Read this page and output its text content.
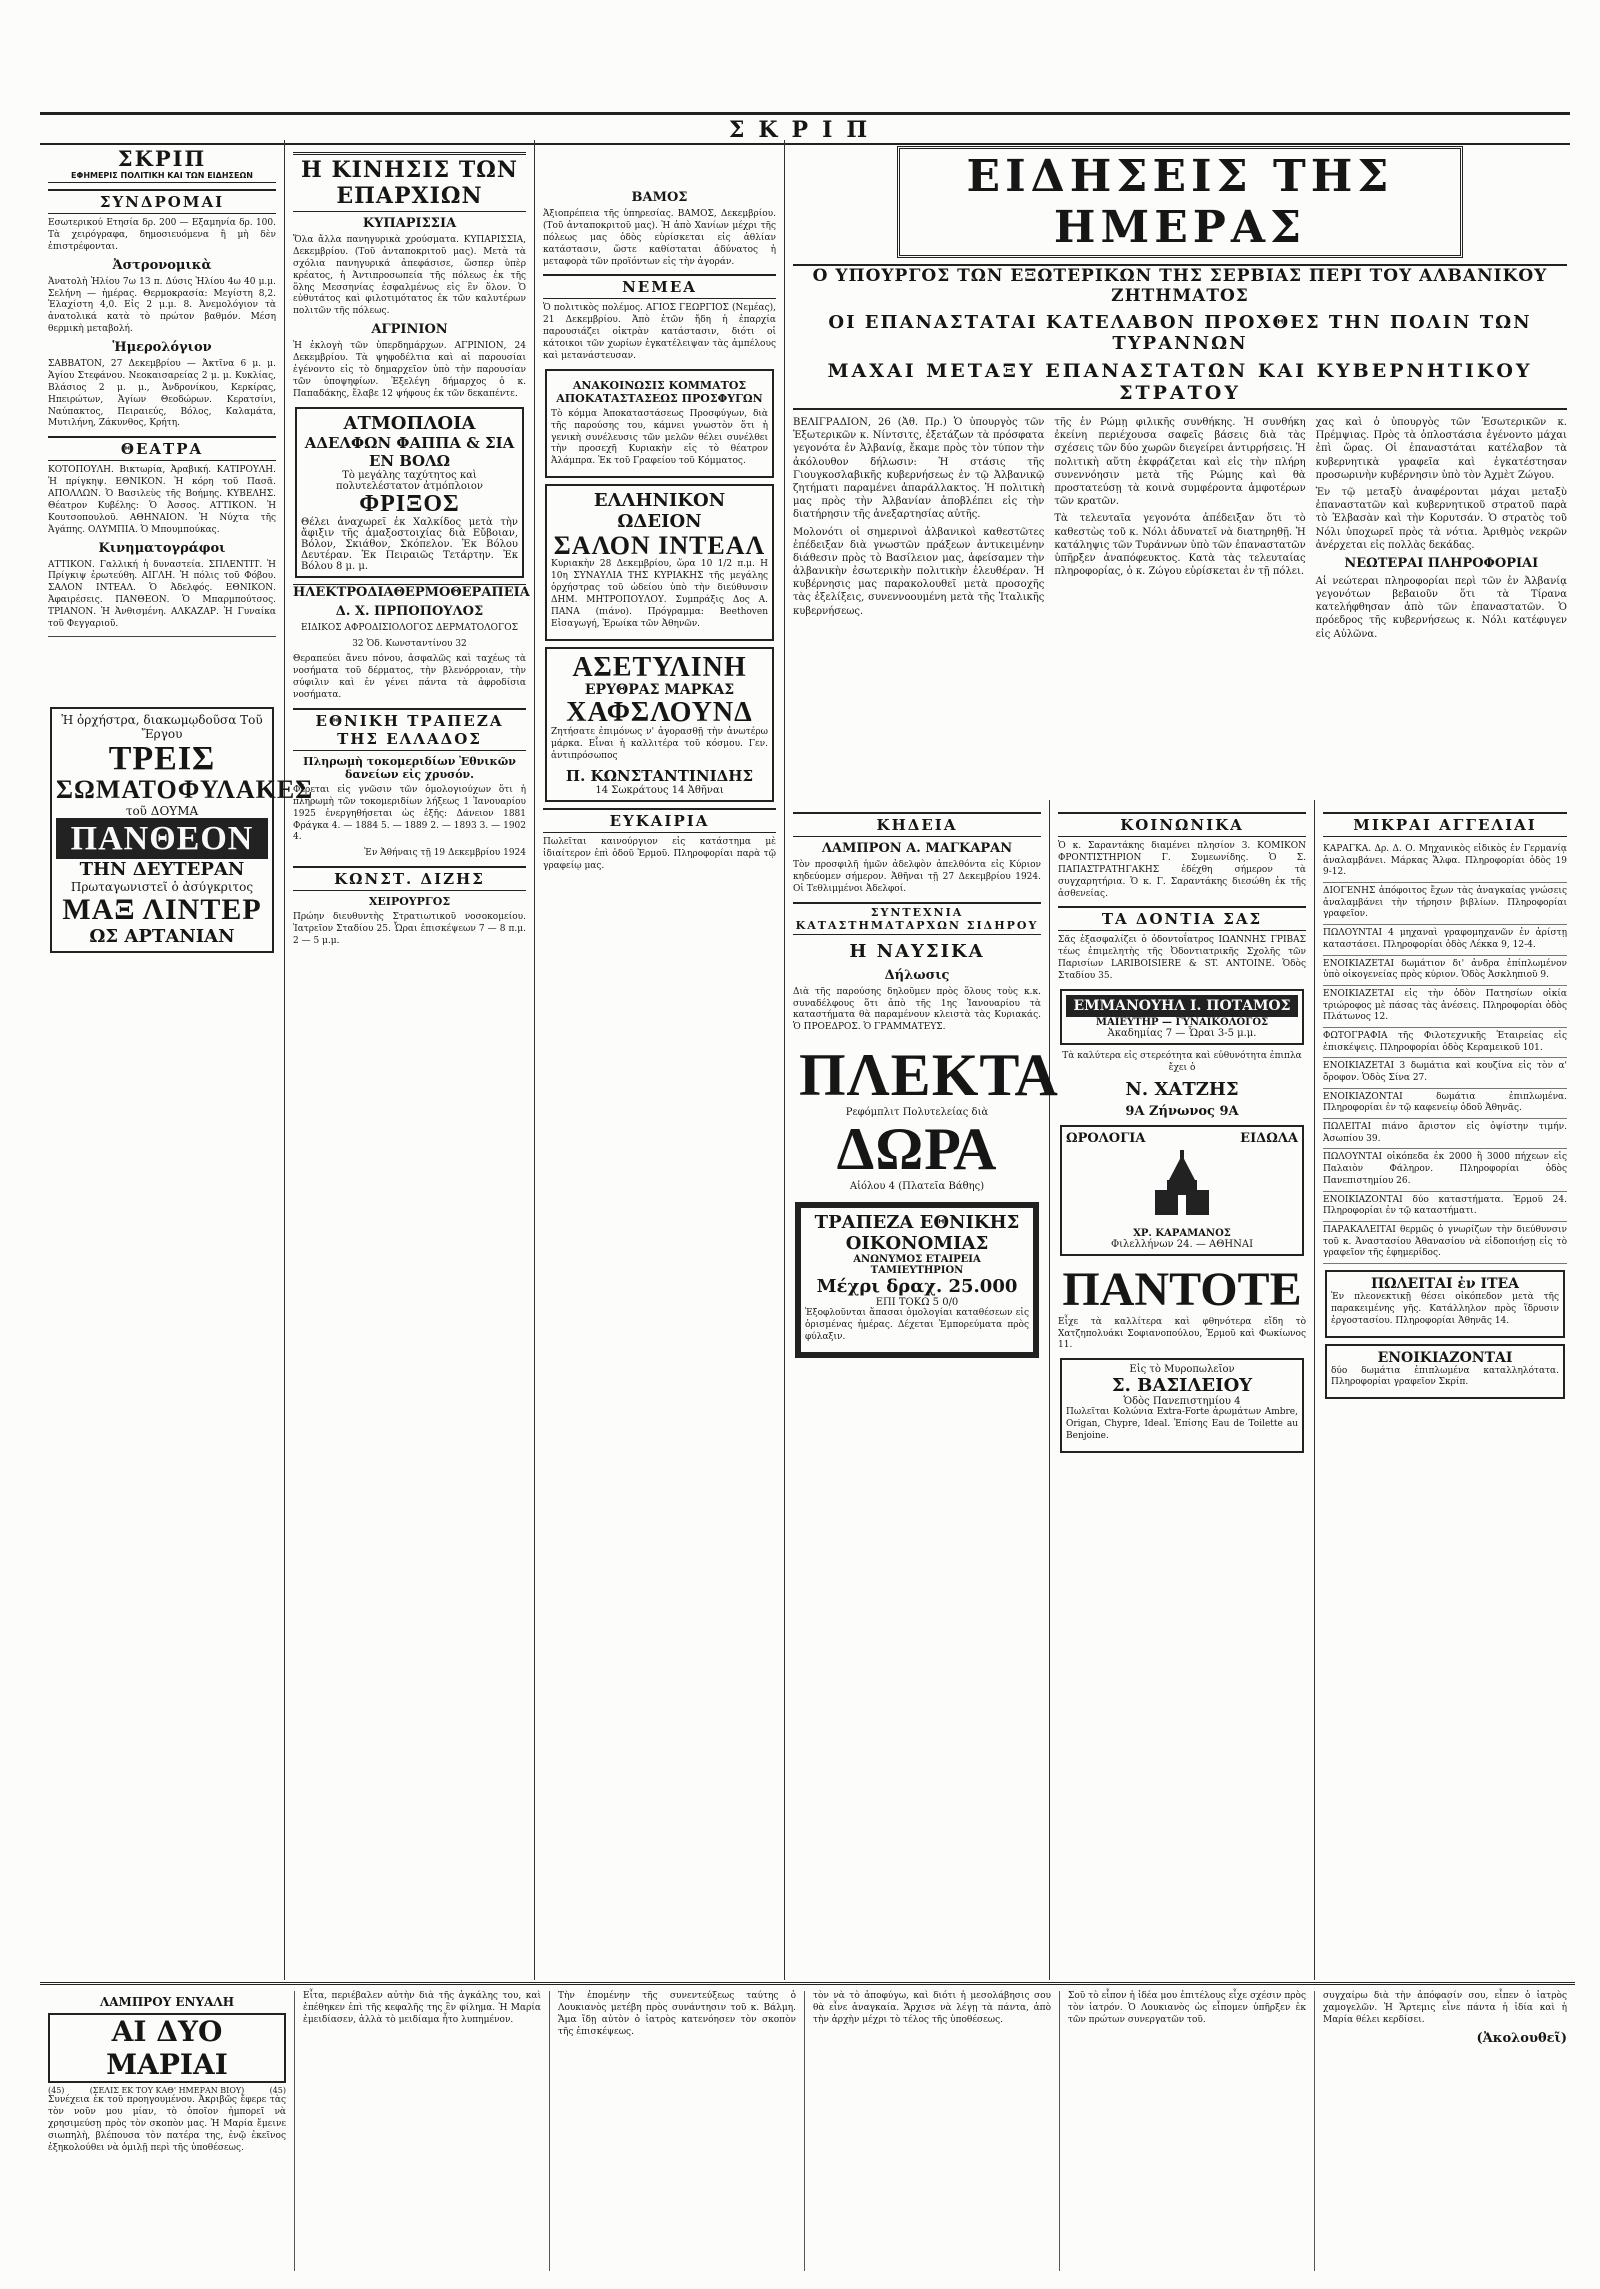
ΣΚΡΙΠ
ΣΚΡΙΠ
ΕΦΗΜΕΡΙΣ ΠΟΛΙΤΙΚΗ ΚΑΙ ΤΩΝ ΕΙΔΗΣΕΩΝ
ΣΥΝΔΡΟΜΑΙ

Εσωτερικού Ετησία δρ. 200 — Εξαμηνία δρ. 100. Τὰ χειρόγραφα, δημοσιευόμενα ἢ μὴ δὲν ἐπιστρέφονται.

Ἀστρονομικὰ

Ἀνατολὴ Ἡλίου 7ω 13 π. Δύσις Ἡλίου 4ω 40 μ.μ. Σελήνη — ἡμέρας. Θερμοκρασία: Μεγίστη 8,2. Ἐλαχίστη 4,0. Εἰς 2 μ.μ. 8. Ἀνεμολόγιον τὰ ἀνατολικά κατὰ τὸ πρώτον βαθμόν. Μέση θερμικὴ μεταβολή.

Ἡμερολόγιον

ΣΑΒΒΑΤΟΝ, 27 Δεκεμβρίου — Ἀκτῖνα 6 μ. μ. Ἁγίου Στεφάνου. Νεοκαισαρείας 2 μ. μ. Κυκλίας, Βλάσιος 2 μ. μ., Ἀνδρονίκου, Κερκίρας, Ηπειρώτων, Ἁγίων Θεοδώρων. Κερατσίνι, Ναύπακτος, Πειραιεύς, Βόλος, Καλαμάτα, Μυτιλήνη, Ζάκυνθος, Κρήτη.

ΘΕΑΤΡΑ

ΚΟΤΟΠΟΥΛΗ. Βικτωρία, Ἀραβική. ΚΑΤΙΡΟΥΛΗ. Ἡ πρίγκηψ. ΕΘΝΙΚΟΝ. Ἡ κόρη τοῦ Πασᾶ. ΑΠΟΛΛΩΝ. Ὁ Βασιλεὺς τῆς Βοήμης. ΚΥΒΕΛΗΣ. Θέατρον Κυβέλης: Ὁ Ἀσσος. ΑΤΤΙΚΟΝ. Ἡ Κουτσοπουλοῦ. ΑΘΗΝΑΙΟΝ. Ἡ Νύχτα τῆς Ἀγάπης. ΟΛΥΜΠΙΑ. Ὁ Μπουμπούκας.

Κινηματογράφοι

ΑΤΤΙΚΟΝ. Γαλλική ἡ δυναστεία. ΣΠΛΕΝΤΙΤ. Ἡ Πρίγκιψ ἐρωτεύθη. ΑΙΓΛΗ. Ἡ πόλις τοῦ Φόβου. ΣΑΛΟΝ ΙΝΤΕΑΛ. Ὁ Ἀδελφός. ΕΘΝΙΚΟΝ. Ἀφαιρέσεις. ΠΑΝΘΕΟΝ. Ὁ Μπαρμπούτσος. ΤΡΙΑΝΟΝ. Ἡ Ἀνθισμένη. ΑΛΚΑΖΑΡ. Ἡ Γυναίκα τοῦ Φεγγαριοῦ.

Ἡ ὀρχήστρα, διακωμῳδοῦσα Τοῦ Ἔργου
ΤΡΕΙΣ
ΣΩΜΑΤΟΦΥΛΑΚΕΣ
τοῦ ΔΟΥΜΑ
ΠΑΝΘΕΟΝ
ΤΗΝ ΔΕΥΤΕΡΑΝ
Πρωταγωνιστεῖ ὁ ἀσύγκριτος
ΜΑΞ ΛΙΝΤΕΡ
ΩΣ ΑΡΤΑΝΙΑΝ
Η ΚΙΝΗΣΙΣ ΤΩΝ ΕΠΑΡΧΙΩΝ
ΚΥΠΑΡΙΣΣΙΑ

Ὅλα ἄλλα πανηγυρικὰ χρούσματα. ΚΥΠΑΡΙΣΣΙΑ, Δεκεμβρίου. (Τοῦ ἀνταποκριτοῦ μας). Μετὰ τὰ σχόλια πανηγυρικά ἀπεφάσισε, ὥσπερ ὑπὲρ κρέατος, ἡ Ἀντιπροσωπεία τῆς πόλεως ἐκ τῆς ὅλης Μεσσηνίας ἐσφαλμένως εἰς ἓν ὅλον. Ὁ εὐθυτάτος καὶ φιλοτιμότατος ἐκ τῶν καλυτέρων πολιτῶν τῆς πόλεως.

ΑΓΡΙΝΙΟΝ

Ἡ ἐκλογὴ τῶν ὑπερδημάρχων. ΑΓΡΙΝΙΟΝ, 24 Δεκεμβρίου. Τὰ ψηφοδέλτια καὶ αἱ παρουσίαι ἐγένοντο εἰς τὸ δημαρχεῖον ὑπὸ τὴν παρουσίαν τῶν ὑποψηφίων. Ἐξελέγη δήμαρχος ὁ κ. Παπαδάκης, ἔλαβε 12 ψήφους ἐκ τῶν δεκαπέντε.

ΑΤΜΟΠΛΟΙΑ
ΑΔΕΛΦΩΝ ΦΑΠΠΑ & ΣΙΑ
ΕΝ ΒΟΛΩ
Τὸ μεγάλης ταχύτητος καὶ πολυτελέστατον ἀτμόπλοιον
ΦΡΙΞΟΣ
Θέλει ἀναχωρεῖ ἐκ Χαλκίδος μετὰ τὴν ἄφιξιν τῆς ἀμαξοστοιχίας διὰ Εὔβοιαν, Βόλον, Σκιάθον, Σκόπελον. Ἐκ Βόλου Δευτέραν. Ἐκ Πειραιῶς Τετάρτην. Ἐκ Βόλου 8 μ. μ.
ΗΛΕΚΤΡΟΔΙΑΘΕΡΜΟΘΕΡΑΠΕΙΑ
Δ. Χ. ΠΡΠΟΠΟΥΛΟΣ
ΕΙΔΙΚΟΣ ΑΦΡΟΔΙΣΙΟΛΟΓΟΣ ΔΕΡΜΑΤΟΛΟΓΟΣ
32 Ὁδ. Κωνσταντίνου 32

Θεραπεύει ἄνευ πόνου, ἀσφαλῶς καὶ ταχέως τὰ νοσήματα τοῦ δέρματος, τὴν βλενόρροιαν, τὴν σύφιλιν καὶ ἐν γένει πάντα τὰ ἀφροδίσια νοσήματα.

ΕΘΝΙΚΗ ΤΡΑΠΕΖΑ ΤΗΣ ΕΛΛΑΔΟΣ
Πληρωμὴ τοκομεριδίων Ἐθνικῶν δανείων εἰς χρυσόν.

Φέρεται εἰς γνῶσιν τῶν ὁμολογιούχων ὅτι ἡ πληρωμὴ τῶν τοκομεριδίων λήξεως 1 Ἰανουαρίου 1925 ἐνεργηθήσεται ὡς ἑξῆς: Δάνειον 1881 Φράγκα 4. — 1884 5. — 1889 2. — 1893 3. — 1902 4.

Ἐν Ἀθήναις τῇ 19 Δεκεμβρίου 1924

ΚΩΝΣΤ. ΔΙΖΗΣ
ΧΕΙΡΟΥΡΓΟΣ

Πρώην διευθυντὴς Στρατιωτικοῦ νοσοκομείου. Ἰατρεῖον Σταδίου 25. Ὧραι ἐπισκέψεων 7 — 8 π.μ. 2 — 5 μ.μ.

ΒΑΜΟΣ

Ἀξιοπρέπεια τῆς ὑπηρεσίας. ΒΑΜΟΣ, Δεκεμβρίου. (Τοῦ ἀνταποκριτοῦ μας). Ἡ ἀπὸ Χανίων μέχρι τῆς πόλεως μας ὁδὸς εὑρίσκεται εἰς ἀθλίαν κατάστασιν, ὥστε καθίσταται ἀδύνατος ἡ μεταφορὰ τῶν προϊόντων εἰς τὴν ἀγοράν.

ΝΕΜΕΑ

Ὁ πολιτικὸς πολέμος. ΑΓΙΟΣ ΓΕΩΡΓΙΟΣ (Νεμέας), 21 Δεκεμβρίου. Ἀπὸ ἐτῶν ἤδη ἡ ἐπαρχία παρουσιάζει οἰκτρὰν κατάστασιν, διότι οἱ κάτοικοι τῶν χωρίων ἐγκατέλειψαν τὰς ἀμπέλους καὶ μετανάστευσαν.

ΑΝΑΚΟΙΝΩΣΙΣ ΚΟΜΜΑΤΟΣ ΑΠΟΚΑΤΑΣΤΑΣΕΩΣ ΠΡΟΣΦΥΓΩΝ

Τὸ κόμμα Ἀποκαταστάσεως Προσφύγων, διὰ τῆς παρούσης του, κάμνει γνωστὸν ὅτι ἡ γενικὴ συνέλευσις τῶν μελῶν θέλει συνέλθει τὴν προσεχῆ Κυριακὴν εἰς τὸ θέατρον Ἀλάμπρα. Ἐκ τοῦ Γραφείου τοῦ Κόμματος.

ΕΛΛΗΝΙΚΟΝ ΩΔΕΙΟΝ
ΣΑΛΟΝ ΙΝΤΕΑΛ

Κυριακὴν 28 Δεκεμβρίου, ὥρα 10 1/2 π.μ. Η 10η ΣΥΝΑΥΛΙΑ ΤΗΣ ΚΥΡΙΑΚΗΣ τῆς μεγάλης ὀρχήστρας τοῦ ὠδείου ὑπὸ τὴν διεύθυνσιν ΔΗΜ. ΜΗΤΡΟΠΟΥΛΟΥ. Συμπράξις Δος Α. ΠΑΝΑ (πιάνο). Πρόγραμμα: Beethoven Εἰσαγωγή, Ἐρωίκα τῶν Ἀθηνῶν.

ΑΣΕΤΥΛΙΝΗ
ΕΡΥΘΡΑΣ ΜΑΡΚΑΣ
ΧΑΦΣΛΟΥΝΔ

Ζητήσατε ἐπιμόνως ν' ἀγορασθῇ τὴν ἀνωτέρω μάρκα. Εἶναι ἡ καλλιτέρα τοῦ κόσμου. Γεν. ἀντιπρόσωπος

Π. ΚΩΝΣΤΑΝΤΙΝΙΔΗΣ
14 Σωκράτους 14 Ἀθῆναι
ΕΥΚΑΙΡΙΑ

Πωλεῖται καινούργιον εἰς κατάστημα μὲ ἰδιαίτερον ἐπὶ ὁδοῦ Ἑρμοῦ. Πληροφορίαι παρὰ τῷ γραφείῳ μας.

ΕΙΔΗΣΕΙΣ ΤΗΣ ΗΜΕΡΑΣ
Ο ΥΠΟΥΡΓΟΣ ΤΩΝ ΕΞΩΤΕΡΙΚΩΝ ΤΗΣ ΣΕΡΒΙΑΣ ΠΕΡΙ ΤΟΥ ΑΛΒΑΝΙΚΟΥ ΖΗΤΗΜΑΤΟΣ
ΟΙ ΕΠΑΝΑΣΤΑΤΑΙ ΚΑΤΕΛΑΒΟΝ ΠΡΟΧΘΕΣ ΤΗΝ ΠΟΛΙΝ ΤΩΝ ΤΥΡΑΝΝΩΝ
ΜΑΧΑΙ ΜΕΤΑΞΥ ΕΠΑΝΑΣΤΑΤΩΝ ΚΑΙ ΚΥΒΕΡΝΗΤΙΚΟΥ ΣΤΡΑΤΟΥ

ΒΕΛΙΓΡΑΔΙΟΝ, 26 (Ἀθ. Πρ.) Ὁ ὑπουργὸς τῶν Ἐξωτερικῶν κ. Νίντσιτς, ἐξετάζων τὰ πρόσφατα γεγονότα ἐν Ἀλβανίᾳ, ἔκαμε πρὸς τὸν τύπον τὴν ἀκόλουθον δήλωσιν: Ἡ στάσις τῆς Γιουγκοσλαβικῆς κυβερνήσεως ἐν τῷ Ἀλβανικῷ ζητήματι παραμένει ἀπαράλλακτος. Ἡ πολιτικὴ μας πρὸς τὴν Ἀλβανίαν ἀποβλέπει εἰς τὴν διατήρησιν τῆς ἀνεξαρτησίας αὐτῆς.

Μολονότι οἱ σημερινοὶ ἀλβανικοὶ καθεστῶτες ἐπέδειξαν διὰ γνωστῶν πράξεων ἀντικειμένην διάθεσιν πρὸς τὸ Βασίλειον μας, ἀφείσαμεν τὴν ἀλβανικὴν ἐσωτερικὴν πολιτικὴν ἐλευθέραν. Ἡ κυβέρνησις μας παρακολουθεῖ μετὰ προσοχῆς τὰς ἐξελίξεις, συνεννοουμένη μετὰ τῆς Ἰταλικῆς κυβερνήσεως.

τῆς ἐν Ρώμῃ φιλικῆς συνθήκης. Ἡ συνθήκη ἐκείνη περιέχουσα σαφεῖς βάσεις διὰ τὰς σχέσεις τῶν δύο χωρῶν διεγείρει ἀντιρρήσεις. Ἡ πολιτικὴ αὕτη ἐκφράζεται καὶ εἰς τὴν πλήρη συνεννόησιν μετὰ τῆς Ρώμης καὶ θὰ προστατεύσῃ τὰ κοινὰ συμφέροντα ἀμφοτέρων τῶν κρατῶν.

Τὰ τελευταῖα γεγονότα ἀπέδειξαν ὅτι τὸ καθεστὼς τοῦ κ. Νόλι ἀδυνατεῖ νὰ διατηρηθῇ. Ἡ κατάληψις τῶν Τυράννων ὑπὸ τῶν ἐπαναστατῶν ὑπῆρξεν ἀναπόφευκτος. Κατὰ τὰς τελευταίας πληροφορίας, ὁ κ. Ζώγου εὑρίσκεται ἐν τῇ πόλει.

χας καὶ ὁ ὑπουργὸς τῶν Ἐσωτερικῶν κ. Πρέμψιας. Πρὸς τὰ ὁπλοστάσια ἐγένοντο μάχαι ἐπὶ ὥρας. Οἱ ἐπαναστάται κατέλαβον τὰ κυβερνητικὰ γραφεῖα καὶ ἐγκατέστησαν προσωρινὴν κυβέρνησιν ὑπὸ τὸν Ἀχμὲτ Ζώγου.

Ἐν τῷ μεταξὺ ἀναφέρονται μάχαι μεταξὺ ἐπαναστατῶν καὶ κυβερνητικοῦ στρατοῦ παρὰ τὸ Ἐλβασὰν καὶ τὴν Κορυτσάν. Ὁ στρατὸς τοῦ Νόλι ὑποχωρεῖ πρὸς τὰ νότια. Ἀριθμὸς νεκρῶν ἀνέρχεται εἰς πολλὰς δεκάδας.

ΝΕΩΤΕΡΑΙ ΠΛΗΡΟΦΟΡΙΑΙ

Αἱ νεώτεραι πληροφορίαι περὶ τῶν ἐν Ἀλβανίᾳ γεγονότων βεβαιοῦν ὅτι τὰ Τίρανα κατελήφθησαν ἀπὸ τῶν ἐπαναστατῶν. Ὁ πρόεδρος τῆς κυβερνήσεως κ. Νόλι κατέφυγεν εἰς Αὐλῶνα.

ΚΗΔΕΙΑ
ΛΑΜΠΡΟΝ Α. ΜΑΓΚΑΡΑΝ

Τὸν προσφιλῆ ἡμῶν ἀδελφὸν ἀπελθόντα εἰς Κύριον κηδεύομεν σήμερον. Ἀθῆναι τῇ 27 Δεκεμβρίου 1924. Οἱ Τεθλιμμένοι Ἀδελφοί.

ΣΥΝΤΕΧΝΙΑ ΚΑΤΑΣΤΗΜΑΤΑΡΧΩΝ ΣΙΔΗΡΟΥ
Η ΝΑΥΣΙΚΑ
Δήλωσις

Διὰ τῆς παρούσης δηλοῦμεν πρὸς ὅλους τοὺς κ.κ. συναδέλφους ὅτι ἀπὸ τῆς 1ης Ἰανουαρίου τὰ καταστήματα θὰ παραμένουν κλειστὰ τὰς Κυριακάς. Ὁ ΠΡΟΕΔΡΟΣ. Ὁ ΓΡΑΜΜΑΤΕΥΣ.

ΠΛΕΚΤΑ
Ρεφόμπλιτ Πολυτελείας διὰ
ΔΩΡΑ
Αἰόλου 4 (Πλατεῖα Βάθης)
ΤΡΑΠΕΖΑ ΕΘΝΙΚΗΣ ΟΙΚΟΝΟΜΙΑΣ
ΑΝΩΝΥΜΟΣ ΕΤΑΙΡΕΙΑ
ΤΑΜΙΕΥΤΗΡΙΟΝ
Μέχρι δραχ. 25.000
ΕΠΙ ΤΟΚΩ 5 0/0

Ἐξοφλοῦνται ἅπασαι ὁμολογίαι καταθέσεων εἰς ὁρισμένας ἡμέρας. Δέχεται Ἐμπορεύματα πρὸς φύλαξιν.

ΚΟΙΝΩΝΙΚΑ

Ὁ κ. Σαραντάκης διαμένει πλησίον 3. ΚΟΜΙΚΟΝ ΦΡΟΝΤΙΣΤΗΡΙΟΝ Γ. Συμεωνίδης. Ὁ Σ. ΠΑΠΑΣΤΡΑΤΗΓΑΚΗΣ ἐδέχθη σήμερον τὰ συγχαρητήρια. Ὁ κ. Γ. Σαραντάκης διεσώθη ἐκ τῆς ἀσθενείας.

ΤΑ ΔΟΝΤΙΑ ΣΑΣ

Σᾶς ἐξασφαλίζει ὁ ὀδοντοΐατρος ΙΩΑΝΝΗΣ ΓΡΙΒΑΣ τέως ἐπιμελητὴς τῆς Ὀδοντιατρικῆς Σχολῆς τῶν Παρισίων LARIBOISIERE & ST. ANTOINE. Ὁδὸς Σταδίου 35.

ΕΜΜΑΝΟΥΗΛ Ι. ΠΟΤΑΜΟΣ
ΜΑΙΕΥΤΗΡ — ΓΥΝΑΙΚΟΛΟΓΟΣ
Ἀκαδημίας 7 — Ὧραι 3-5 μ.μ.

Τὰ καλύτερα εἰς στερεότητα καὶ εὐθυνότητα ἐπιπλα ἔχει ὁ

Ν. ΧΑΤΖΗΣ
9Α Ζήνωνος 9Α
ΩΡΟΛΟΓΙΑ	ΕΙΔΩΛΑ
ΧΡ. ΚΑΡΑΜΑΝΟΣ
Φιλελλήνων 24. — ΑΘΗΝΑΙ
ΠΑΝΤΟΤΕ

Εἶχε τὰ καλλίτερα καὶ φθηνότερα εἴδη τὸ Χατζηπολυάκι Σοφιανοπούλου, Ἑρμοῦ καὶ Φωκίωνος 11.

Εἰς τὸ Μυροπωλεῖον
Σ. ΒΑΣΙΛΕΙΟΥ
Ὁδὸς Πανεπιστημίου 4

Πωλεῖται Κολώνια Extra-Forte ἀρωμάτων Ambre, Origan, Chypre, Ideal. Ἐπίσης Eau de Toilette au Benjoine.

ΜΙΚΡΑΙ ΑΓΓΕΛΙΑΙ
ΚΑΡΑΓΚΑ. Δρ. Δ. Ο. Μηχανικὸς εἰδικὸς ἐν Γερμανίᾳ ἀναλαμβάνει. Μάρκας Ἄλφα. Πληροφορίαι ὁδὸς 19 9-12.
ΔΙΟΓΕΝΗΣ ἀπόφοιτος ἔχων τὰς ἀναγκαίας γνώσεις ἀναλαμβάνει τὴν τήρησιν βιβλίων. Πληροφορίαι γραφεῖον.
ΠΩΛΟΥΝΤΑΙ 4 μηχαναὶ γραφομηχανῶν ἐν ἀρίστῃ καταστάσει. Πληροφορίαι ὁδὸς Λέκκα 9, 12-4.
ΕΝΟΙΚΙΑΖΕΤΑΙ δωμάτιον δι' ἀνδρα ἐπίπλωμένον ὑπὸ οἰκογενείας πρὸς κύριον. Ὁδὸς Ἀσκληπιοῦ 9.
ΕΝΟΙΚΙΑΖΕΤΑΙ εἰς τὴν ὁδὸν Πατησίων οἰκία τριώροφος μὲ πάσας τὰς ἀνέσεις. Πληροφορίαι ὁδὸς Πλάτωνος 12.
ΦΩΤΟΓΡΑΦΙΑ τῆς Φιλοτεχνικῆς Ἑταιρείας εἰς ἐπισκέψεις. Πληροφορίαι ὁδὸς Κεραμεικοῦ 101.
ΕΝΟΙΚΙΑΖΕΤΑΙ 3 δωμάτια καὶ κουζίνα εἰς τὸν α' ὄροφον. Ὁδὸς Σίνα 27.
ΕΝΟΙΚΙΑΖΟΝΤΑΙ δωμάτια ἐπιπλωμένα. Πληροφορίαι ἐν τῷ καφενείῳ ὁδοῦ Ἀθηνᾶς.
ΠΩΛΕΙΤΑΙ πιάνο ἄριστον εἰς ὀψίστην τιμήν. Ἀσωπίου 39.
ΠΩΛΟΥΝΤΑΙ οἰκόπεδα ἐκ 2000 ἢ 3000 πήχεων εἰς Παλαιὸν Φάληρον. Πληροφορίαι ὁδὸς Πανεπιστημίου 26.
ΕΝΟΙΚΙΑΖΟΝΤΑΙ δύο καταστήματα. Ἑρμοῦ 24. Πληροφορίαι ἐν τῷ καταστήματι.
ΠΑΡΑΚΑΛΕΙΤΑΙ θερμῶς ὁ γνωρίζων τὴν διεύθυνσιν τοῦ κ. Ἀναστασίου Ἀθανασίου νὰ εἰδοποιήσῃ εἰς τὸ γραφεῖον τῆς ἐφημερίδος.
ΠΩΛΕΙΤΑΙ ἐν ΙΤΕΑ

Ἐν πλεονεκτικῇ θέσει οἰκόπεδον μετὰ τῆς παρακειμένης γῆς. Κατάλληλον πρὸς ἵδρυσιν ἐργοστασίου. Πληροφορίαι Ἀθηνᾶς 14.

ΕΝΟΙΚΙΑΖΟΝΤΑΙ

δύο δωμάτια ἐπιπλωμένα καταλληλότατα. Πληροφορίαι γραφεῖον Σκρίπ.

ΛΑΜΠΡΟΥ ΕΝΥΑΛΗ
ΑΙ ΔΥΟ ΜΑΡΙΑΙ
(45)	(ΣΕΛΙΣ ΕΚ ΤΟΥ ΚΑΘ' ΗΜΕΡΑΝ ΒΙΟΥ)	(45)

Συνέχεια ἐκ τοῦ προηγουμένου. Ἀκριβῶς ἔφερε τὰς τὸν νοῦν μου μίαν, τὸ ὁποῖον ἠμπορεῖ νὰ χρησιμεύσῃ πρὸς τὸν σκοπὸν μας. Ἡ Μαρία ἔμεινε σιωπηλὴ, βλέπουσα τὸν πατέρα της, ἐνῷ ἐκεῖνος ἐξηκολούθει νὰ ὁμιλῇ περὶ τῆς ὑποθέσεως.

Εἶτα, περιέβαλεν αὐτὴν διὰ τῆς ἀγκάλης του, καὶ ἐπέθηκεν ἐπὶ τῆς κεφαλῆς της ἓν φίλημα. Ἡ Μαρία ἐμειδίασεν, ἀλλὰ τὸ μειδίαμα ἦτο λυπημένον.

Τὴν ἑπομένην τῆς συνεντεύξεως ταύτης ὁ Λουκιανὸς μετέβη πρὸς συνάντησιν τοῦ κ. Βάλμη. Ἄμα ἴδῃ αὐτὸν ὁ ἰατρὸς κατενόησεν τὸν σκοπὸν τῆς ἐπισκέψεως.

τὸν νὰ τὸ ἀποφύγω, καὶ διότι ἡ μεσολάβησις σου θὰ εἶνε ἀναγκαία. Ἄρχισε νὰ λέγῃ τὰ πάντα, ἀπὸ τὴν ἀρχὴν μέχρι τὸ τέλος τῆς ὑποθέσεως.

Σοῦ τὸ εἶπον ἡ ἰδέα μου ἐπιτέλους εἶχε σχέσιν πρὸς τὸν ἰατρόν. Ὁ Λουκιανὸς ὡς εἶπομεν ὑπῆρξεν ἐκ τῶν πρώτων συνεργατῶν τοῦ.

συγχαίρω διὰ τὴν ἀπόφασίν σου, εἶπεν ὁ ἰατρὸς χαμογελῶν. Ἡ Ἄρτεμις εἶνε πάντα ἡ ἰδία καὶ ἡ Μαρία θέλει κερδίσει.

(Ἀκολουθεῖ)
